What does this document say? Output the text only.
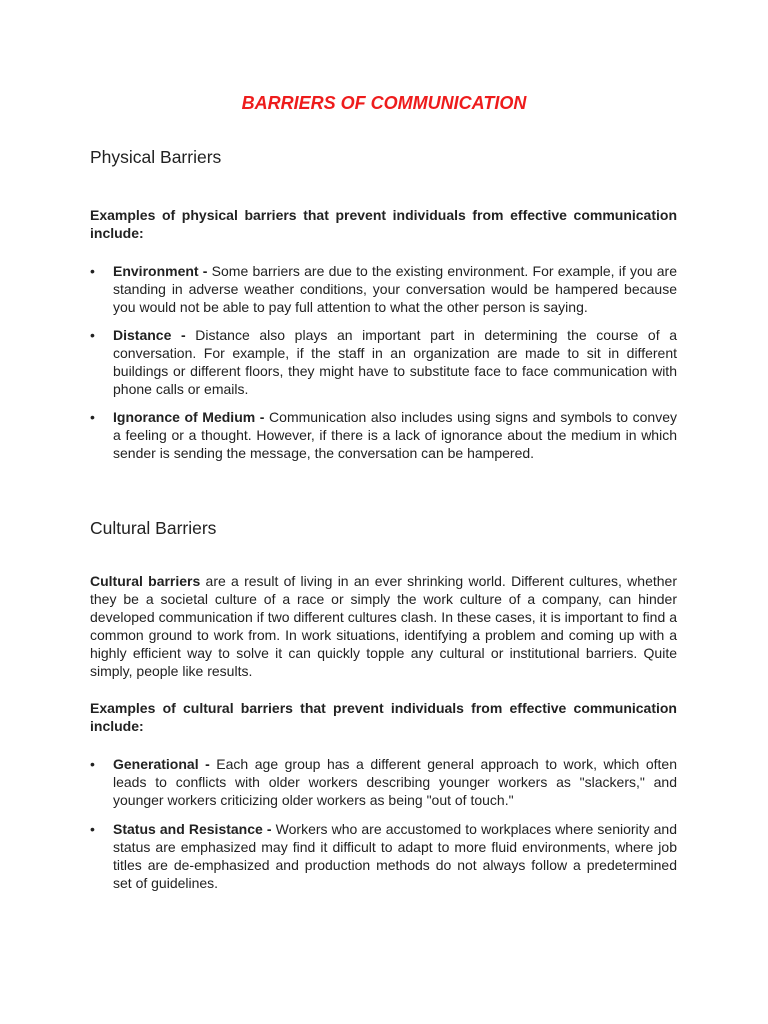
BARRIERS OF COMMUNICATION
Physical Barriers
Examples of physical barriers that prevent individuals from effective communication include:
•	Environment - Some barriers are due to the existing environment. For example, if you are standing in adverse weather conditions, your conversation would be hampered because you would not be able to pay full attention to what the other person is saying.
•	Distance - Distance also plays an important part in determining the course of a conversation. For example, if the staff in an organization are made to sit in different buildings or different floors, they might have to substitute face to face communication with phone calls or emails.
•	Ignorance of Medium - Communication also includes using signs and symbols to convey a feeling or a thought. However, if there is a lack of ignorance about the medium in which sender is sending the message, the conversation can be hampered.
Cultural Barriers
Cultural barriers are a result of living in an ever shrinking world. Different cultures, whether they be a societal culture of a race or simply the work culture of a company, can hinder developed communication if two different cultures clash. In these cases, it is important to find a common ground to work from. In work situations, identifying a problem and coming up with a highly efficient way to solve it can quickly topple any cultural or institutional barriers. Quite simply, people like results.
Examples of cultural barriers that prevent individuals from effective communication include:
•	Generational - Each age group has a different general approach to work, which often leads to conflicts with older workers describing younger workers as "slackers," and younger workers criticizing older workers as being "out of touch."
•	Status and Resistance - Workers who are accustomed to workplaces where seniority and status are emphasized may find it difficult to adapt to more fluid environments, where job titles are de-emphasized and production methods do not always follow a predetermined set of guidelines.
